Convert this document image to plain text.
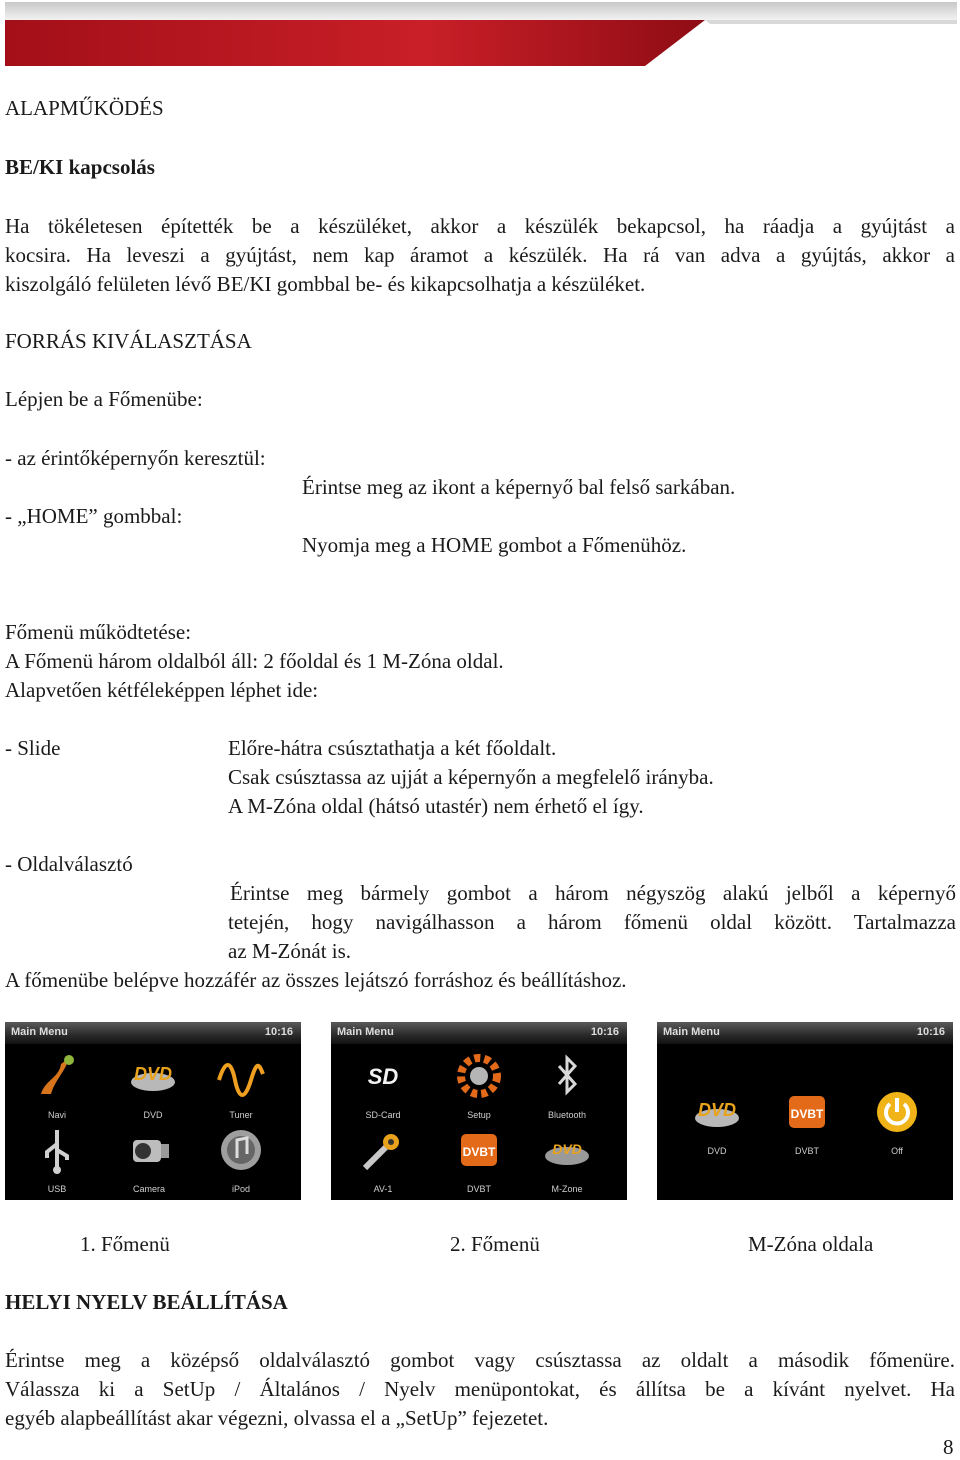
ALAPMŰKÖDÉS
BE/KI kapcsolás
Ha tökéletesen építették be a készüléket, akkor a készülék bekapcsol, ha ráadja a gyújtást a
kocsira. Ha leveszi a gyújtást, nem kap áramot a készülék. Ha rá van adva a gyújtás, akkor a
kiszolgáló felületen lévő BE/KI gombbal be- és kikapcsolhatja a készüléket.
FORRÁS KIVÁLASZTÁSA
Lépjen be a Főmenübe:
- az érintőképernyőn keresztül:
Érintse meg az ikont a képernyő bal felső sarkában.
- „HOME” gombbal:
Nyomja meg a HOME gombot a Főmenühöz.
Főmenü működtetése:
A Főmenü három oldalból áll: 2 főoldal és 1 M-Zóna oldal.
Alapvetően kétféleképpen léphet ide:
- Slide	Előre-hátra csúsztathatja a két főoldalt.
Csak csúsztassa az ujját a képernyőn a megfelelő irányba.
A M-Zóna oldal (hátsó utastér) nem érhető el így.
- Oldalválasztó
Érintse meg bármely gombot a három négyszög alakú jelből a képernyő
tetején, hogy navigálhasson a három főmenü oldal között. Tartalmazza
az M-Zónát is.
A főmenübe belépve hozzáfér az összes lejátszó forráshoz és beállításhoz.
Main Menu	10:16
Navi
DVD
DVD	Tuner
USB	Camera	iPod
Main Menu	10:16
SD
SD-Card	Setup	Bluetooth
AV-1
DVBT
DVBT
DVD
M-Zone
Main Menu	10:16
DVD
DVD
DVBT
DVBT	Off
1. Főmenü	2. Főmenü	M-Zóna oldala
HELYI NYELV BEÁLLÍTÁSA
Érintse meg a középső oldalválasztó gombot vagy csúsztassa az oldalt a második főmenüre.
Válassza ki a SetUp / Általános / Nyelv menüpontokat, és állítsa be a kívánt nyelvet. Ha
egyéb alapbeállítást akar végezni, olvassa el a „SetUp” fejezetet.
8
